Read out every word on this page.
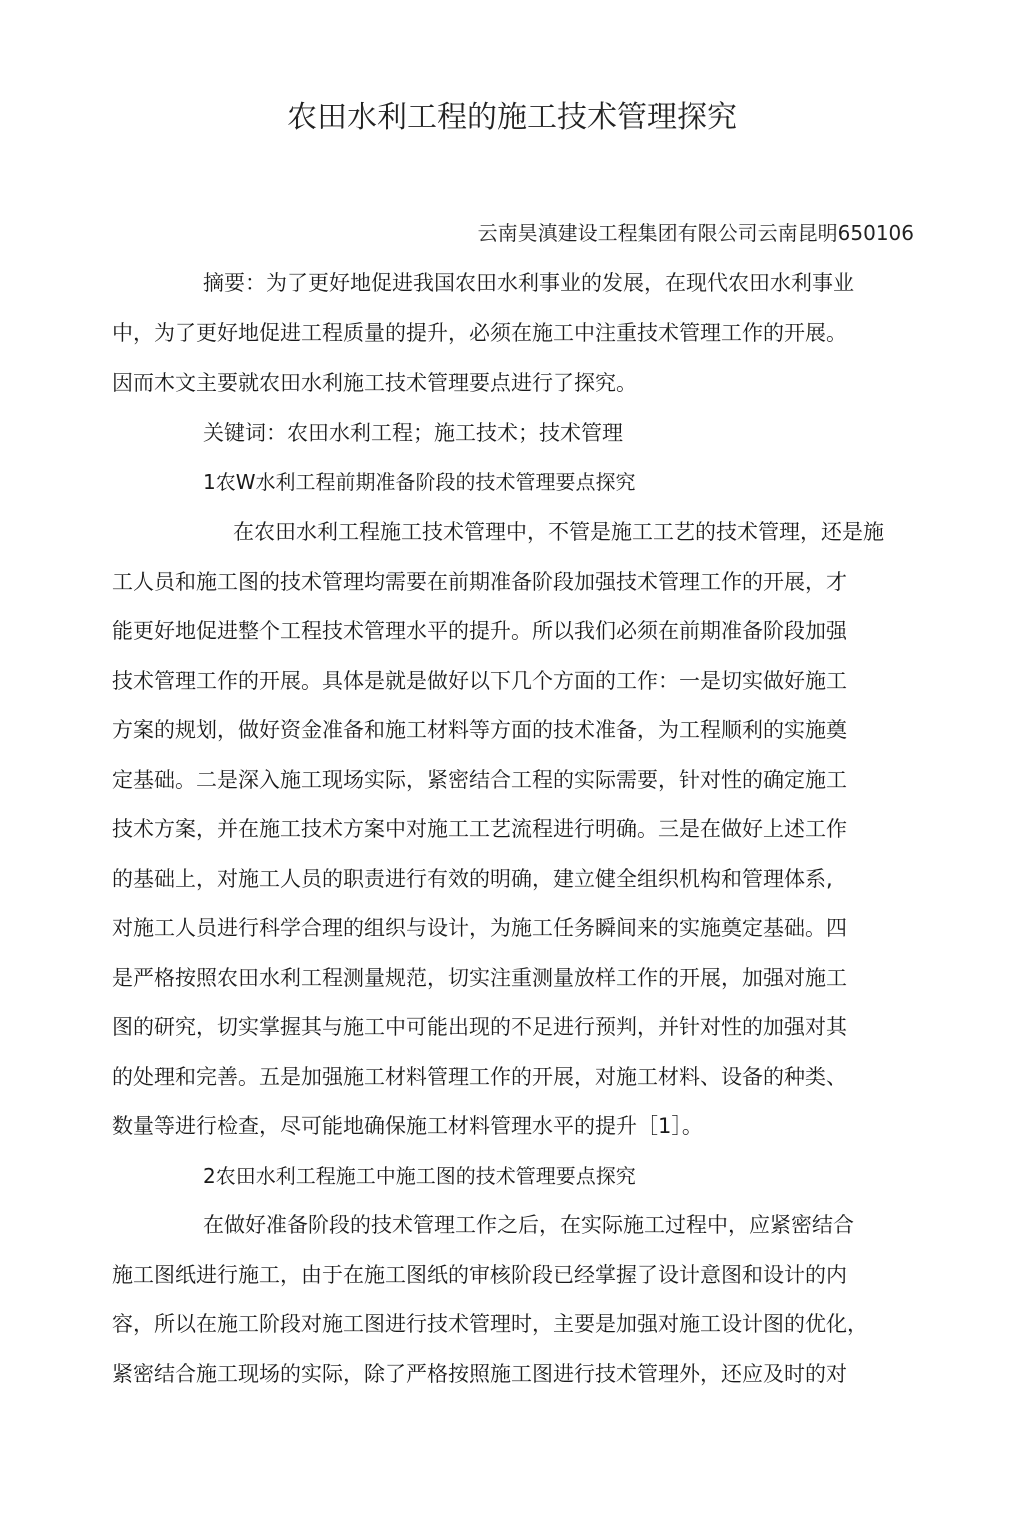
农田水利工程的施工技术管理探究
云南昊滇建设工程集团有限公司云南昆明650106
摘要：为了更好地促进我国农田水利事业的发展，在现代农田水利事业
中，为了更好地促进工程质量的提升，必须在施工中注重技术管理工作的开展。
因而木文主要就农田水利施工技术管理要点进行了探究。
关键词：农田水利工程；施工技术；技术管理
1农W水利工程前期准备阶段的技术管理要点探究
在农田水利工程施工技术管理中，不管是施工工艺的技术管理，还是施
工人员和施工图的技术管理均需要在前期准备阶段加强技术管理工作的开展，才
能更好地促进整个工程技术管理水平的提升。所以我们必须在前期准备阶段加强
技术管理工作的开展。具体是就是做好以下几个方面的工作：一是切实做好施工
方案的规划，做好资金准备和施工材料等方面的技术准备，为工程顺利的实施奠
定基础。二是深入施工现场实际，紧密结合工程的实际需要，针对性的确定施工
技术方案，并在施工技术方案中对施工工艺流程进行明确。三是在做好上述工作
的基础上，对施工人员的职责进行有效的明确，建立健全组织机构和管理体系,
对施工人员进行科学合理的组织与设计，为施工任务瞬间来的实施奠定基础。四
是严格按照农田水利工程测量规范，切实注重测量放样工作的开展，加强对施工
图的研究，切实掌握其与施工中可能出现的不足进行预判，并针对性的加强对其
的处理和完善。五是加强施工材料管理工作的开展，对施工材料、设备的种类、
数量等进行检查，尽可能地确保施工材料管理水平的提升［1］。
2农田水利工程施工中施工图的技术管理要点探究
在做好准备阶段的技术管理工作之后，在实际施工过程中，应紧密结合
施工图纸进行施工，由于在施工图纸的审核阶段已经掌握了设计意图和设计的内
容，所以在施工阶段对施工图进行技术管理时，主要是加强对施工设计图的优化，
紧密结合施工现场的实际，除了严格按照施工图进行技术管理外，还应及时的对
